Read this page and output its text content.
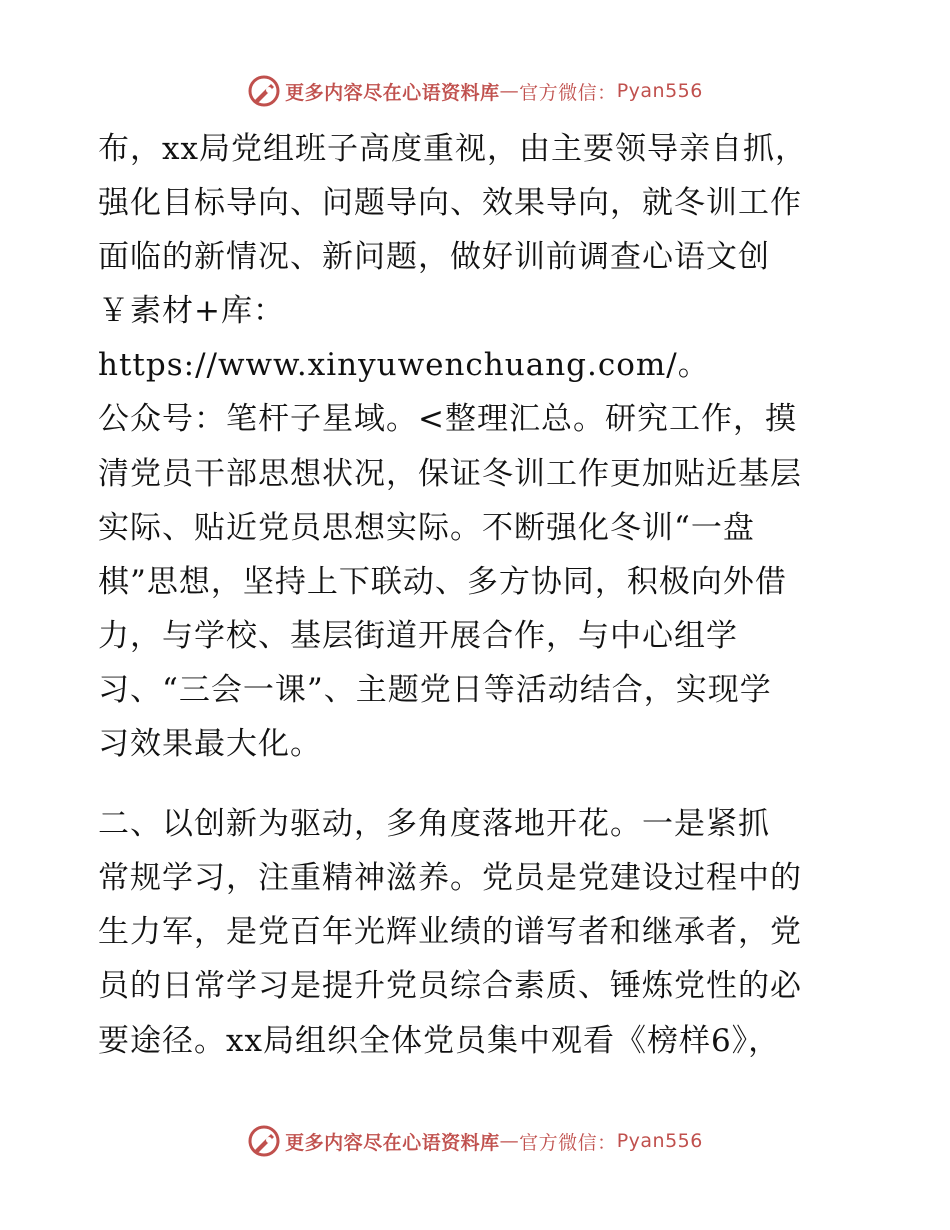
更多内容尽在心语资料库 — 官方微信： Pyan556

布，xx局党组班子高度重视，由主要领导亲自抓，
强化目标导向、问题导向、效果导向，就冬训工作
面临的新情况、新问题，做好训前调查心语文创
￥素材+库：https://www.xinyuwenchuang.com/。
公众号：笔杆子星域。<整理汇总。研究工作，摸
清党员干部思想状况，保证冬训工作更加贴近基层
实际、贴近党员思想实际。不断强化冬训“一盘
棋”思想，坚持上下联动、多方协同，积极向外借
力，与学校、基层街道开展合作，与中心组学
习、“三会一课”、主题党日等活动结合，实现学
习效果最大化。

二、以创新为驱动，多角度落地开花。一是紧抓
常规学习，注重精神滋养。党员是党建设过程中的
生力军，是党百年光辉业绩的谱写者和继承者，党
员的日常学习是提升党员综合素质、锤炼党性的必
要途径。xx局组织全体党员集中观看《榜样6》，

更多内容尽在心语资料库 — 官方微信： Pyan556
